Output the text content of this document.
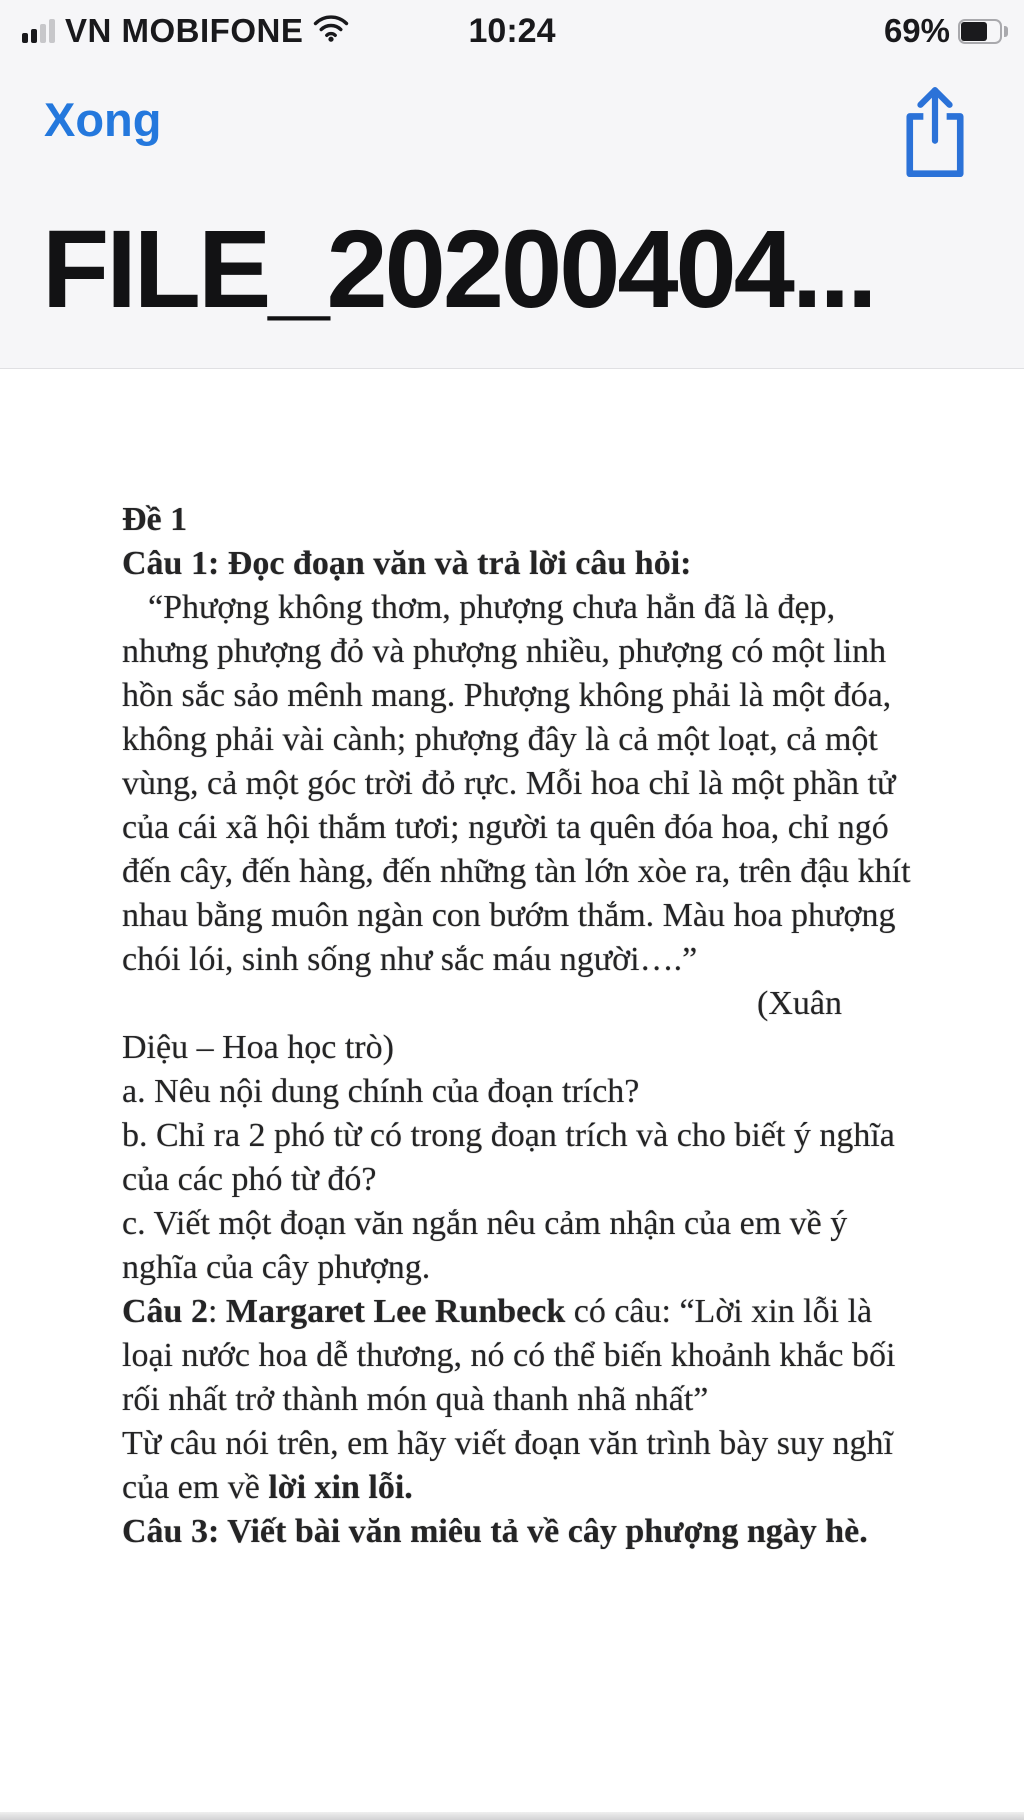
VN MOBIFONE	10:24	69%
Xong
FILE_20200404...
Đề 1
Câu 1: Đọc đoạn văn và trả lời câu hỏi:
“Phượng không thơm, phượng chưa hẳn đã là đẹp,
nhưng phượng đỏ và phượng nhiều, phượng có một linh
hồn sắc sảo mênh mang. Phượng không phải là một đóa,
không phải vài cành; phượng đây là cả một loạt, cả một
vùng, cả một góc trời đỏ rực. Mỗi hoa chỉ là một phần tử
của cái xã hội thắm tươi; người ta quên đóa hoa, chỉ ngó
đến cây, đến hàng, đến những tàn lớn xòe ra, trên đậu khít
nhau bằng muôn ngàn con bướm thắm. Màu hoa phượng
chói lói, sinh sống như sắc máu người….”
(Xuân
Diệu – Hoa học trò)
a. Nêu nội dung chính của đoạn trích?
b. Chỉ ra 2 phó từ có trong đoạn trích và cho biết ý nghĩa
của các phó từ đó?
c. Viết một đoạn văn ngắn nêu cảm nhận của em về ý
nghĩa của cây phượng.
Câu 2: Margaret Lee Runbeck có câu: “Lời xin lỗi là
loại nước hoa dễ thương, nó có thể biến khoảnh khắc bối
rối nhất trở thành món quà thanh nhã nhất”
Từ câu nói trên, em hãy viết đoạn văn trình bày suy nghĩ
của em về lời xin lỗi.
Câu 3: Viết bài văn miêu tả về cây phượng ngày hè.
